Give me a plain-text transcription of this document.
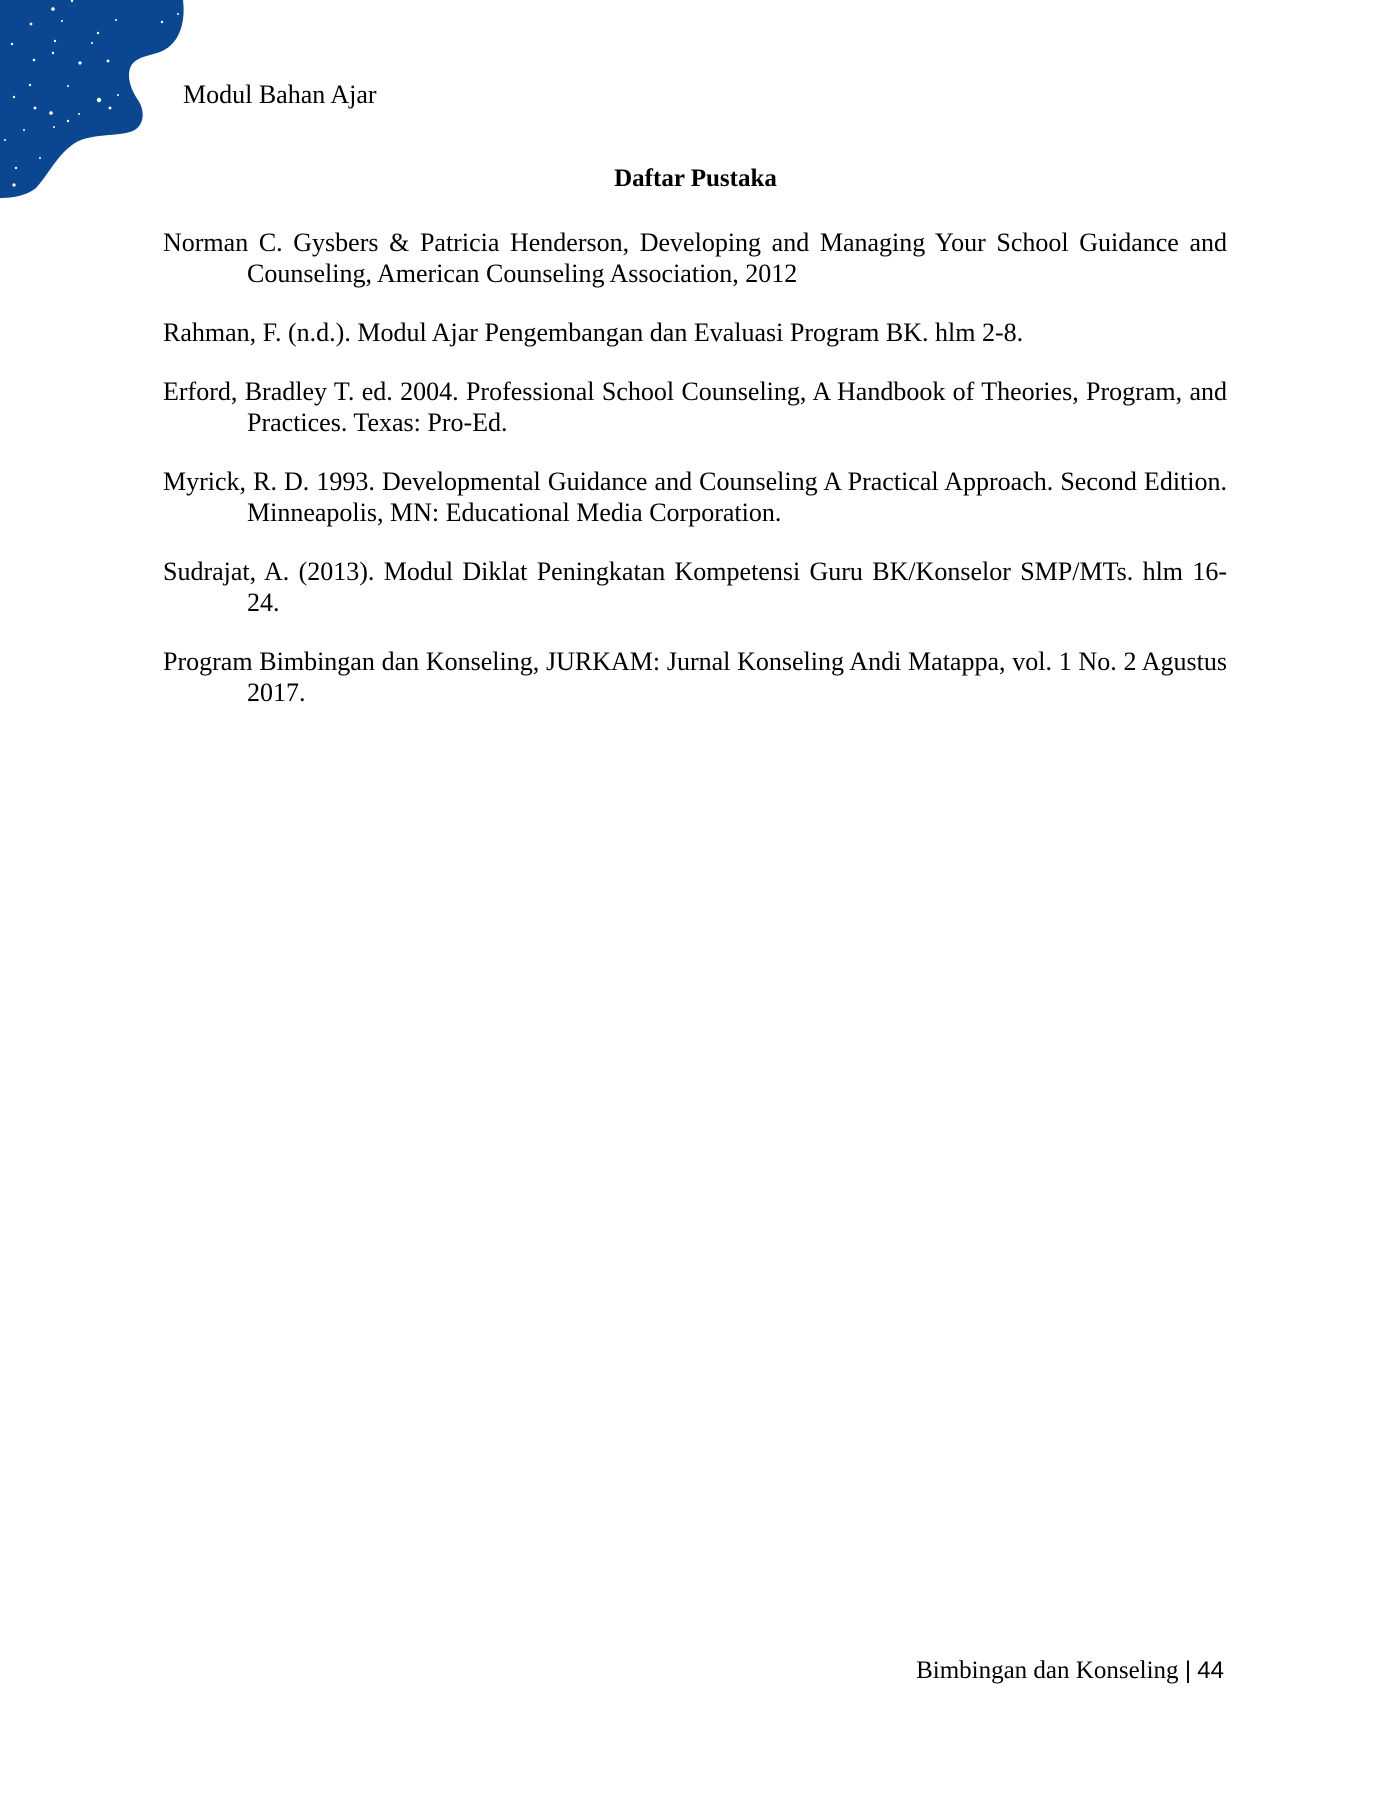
Modul Bahan Ajar
Daftar Pustaka
Norman C. Gysbers & Patricia Henderson, Developing and Managing Your School Guidance and Counseling, American Counseling Association, 2012
Rahman, F. (n.d.). Modul Ajar Pengembangan dan Evaluasi Program BK. hlm 2-8.
Erford, Bradley T. ed. 2004. Professional School Counseling, A Handbook of Theories, Program, and Practices. Texas: Pro-Ed.
Myrick, R. D. 1993. Developmental Guidance and Counseling A Practical Approach. Second Edition. Minneapolis, MN: Educational Media Corporation.
Sudrajat, A. (2013). Modul Diklat Peningkatan Kompetensi Guru BK/Konselor SMP/MTs. hlm 16-24.
Program Bimbingan dan Konseling, JURKAM: Jurnal Konseling Andi Matappa, vol. 1 No. 2 Agustus 2017.
Bimbingan dan Konseling | 44
